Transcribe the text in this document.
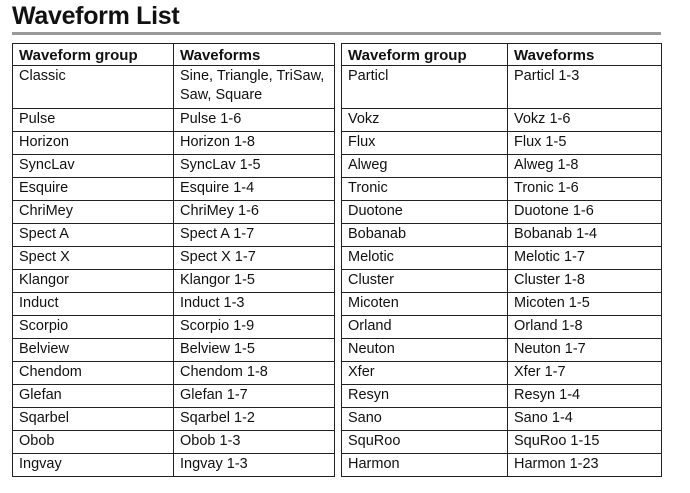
Waveform List
Waveform group	Waveforms
Classic	Sine, Triangle, TriSaw, Saw, Square
Pulse	Pulse 1-6
Horizon	Horizon 1-8
SyncLav	SyncLav 1-5
Esquire	Esquire 1-4
ChriMey	ChriMey 1-6
Spect A	Spect A 1-7
Spect X	Spect X 1-7
Klangor	Klangor 1-5
Induct	Induct 1-3
Scorpio	Scorpio 1-9
Belview	Belview 1-5
Chendom	Chendom 1-8
Glefan	Glefan 1-7
Sqarbel	Sqarbel 1-2
Obob	Obob 1-3
Ingvay	Ingvay 1-3
Waveform group	Waveforms
Particl	Particl 1-3
Vokz	Vokz 1-6
Flux	Flux 1-5
Alweg	Alweg 1-8
Tronic	Tronic 1-6
Duotone	Duotone 1-6
Bobanab	Bobanab 1-4
Melotic	Melotic 1-7
Cluster	Cluster 1-8
Micoten	Micoten 1-5
Orland	Orland 1-8
Neuton	Neuton 1-7
Xfer	Xfer 1-7
Resyn	Resyn 1-4
Sano	Sano 1-4
SquRoo	SquRoo 1-15
Harmon	Harmon 1-23
